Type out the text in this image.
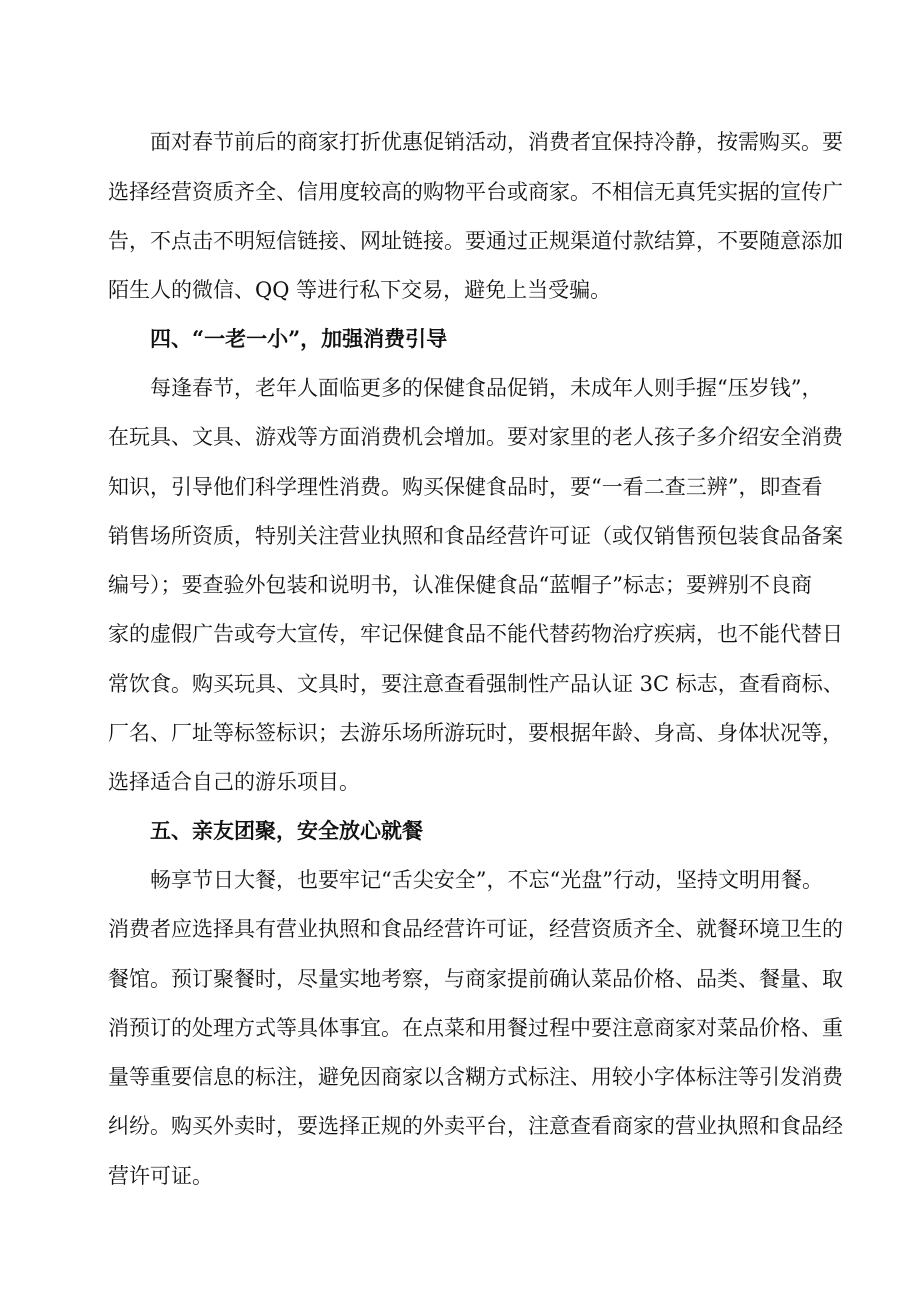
面对春节前后的商家打折优惠促销活动，消费者宜保持冷静，按需购买。要
选择经营资质齐全、信用度较高的购物平台或商家。不相信无真凭实据的宣传广
告，不点击不明短信链接、网址链接。要通过正规渠道付款结算，不要随意添加
陌生人的微信、QQ 等进行私下交易，避免上当受骗。
四、“一老一小”，加强消费引导
每逢春节，老年人面临更多的保健食品促销，未成年人则手握“压岁钱”，
在玩具、文具、游戏等方面消费机会增加。要对家里的老人孩子多介绍安全消费
知识，引导他们科学理性消费。购买保健食品时，要“一看二查三辨”，即查看
销售场所资质，特别关注营业执照和食品经营许可证（或仅销售预包装食品备案
编号）；要查验外包装和说明书，认准保健食品“蓝帽子”标志；要辨别不良商
家的虚假广告或夸大宣传，牢记保健食品不能代替药物治疗疾病，也不能代替日
常饮食。购买玩具、文具时，要注意查看强制性产品认证 3C 标志，查看商标、
厂名、厂址等标签标识；去游乐场所游玩时，要根据年龄、身高、身体状况等，
选择适合自己的游乐项目。
五、亲友团聚，安全放心就餐
畅享节日大餐，也要牢记“舌尖安全”，不忘“光盘”行动，坚持文明用餐。
消费者应选择具有营业执照和食品经营许可证，经营资质齐全、就餐环境卫生的
餐馆。预订聚餐时，尽量实地考察，与商家提前确认菜品价格、品类、餐量、取
消预订的处理方式等具体事宜。在点菜和用餐过程中要注意商家对菜品价格、重
量等重要信息的标注，避免因商家以含糊方式标注、用较小字体标注等引发消费
纠纷。购买外卖时，要选择正规的外卖平台，注意查看商家的营业执照和食品经
营许可证。
